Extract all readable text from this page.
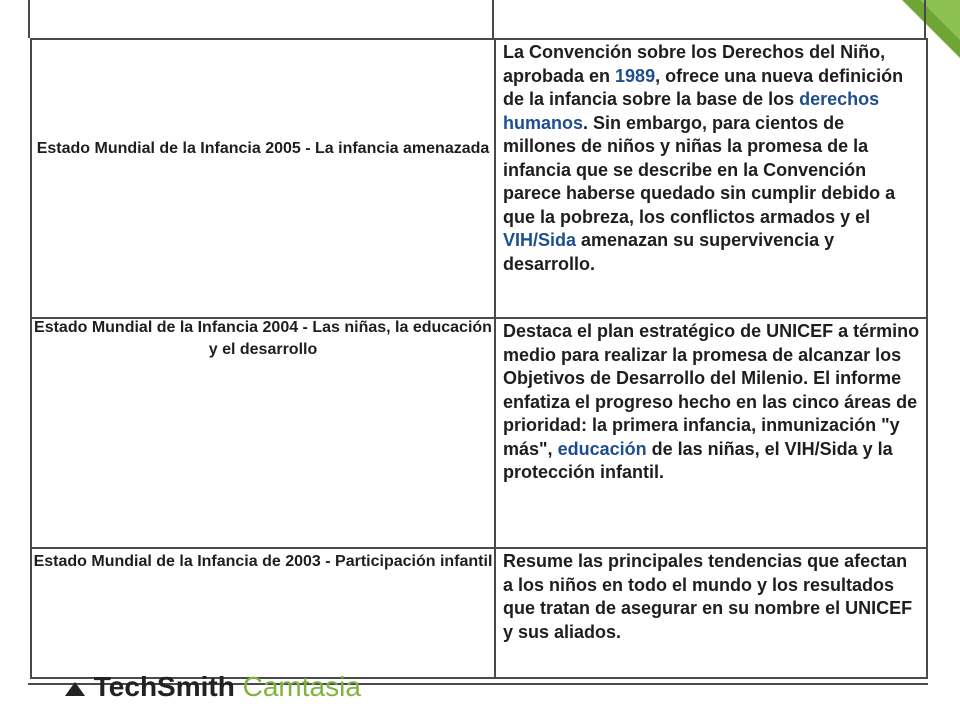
Estado Mundial de la Infancia 2005 - La infancia amenazada	La Convención sobre los Derechos del Niño, aprobada en 1989, ofrece una nueva definición de la infancia sobre la base de los derechos humanos. Sin embargo, para cientos de millones de niños y niñas la promesa de la infancia que se describe en la Convención parece haberse quedado sin cumplir debido a que la pobreza, los conflictos armados y el VIH/Sida amenazan su supervivencia y desarrollo.

Estado Mundial de la Infancia 2004 - Las niñas, la educación y el desarrollo	Destaca el plan estratégico de UNICEF a término medio para realizar la promesa de alcanzar los Objetivos de Desarrollo del Milenio. El informe enfatiza el progreso hecho en las cinco áreas de prioridad: la primera infancia, inmunización "y más", educación de las niñas, el VIH/Sida y la protección infantil.

Estado Mundial de la Infancia de 2003 - Participación infantil	Resume las principales tendencias que afectan a los niños en todo el mundo y los resultados que tratan de asegurar en su nombre el UNICEF y sus aliados.
TechSmith Camtasia
